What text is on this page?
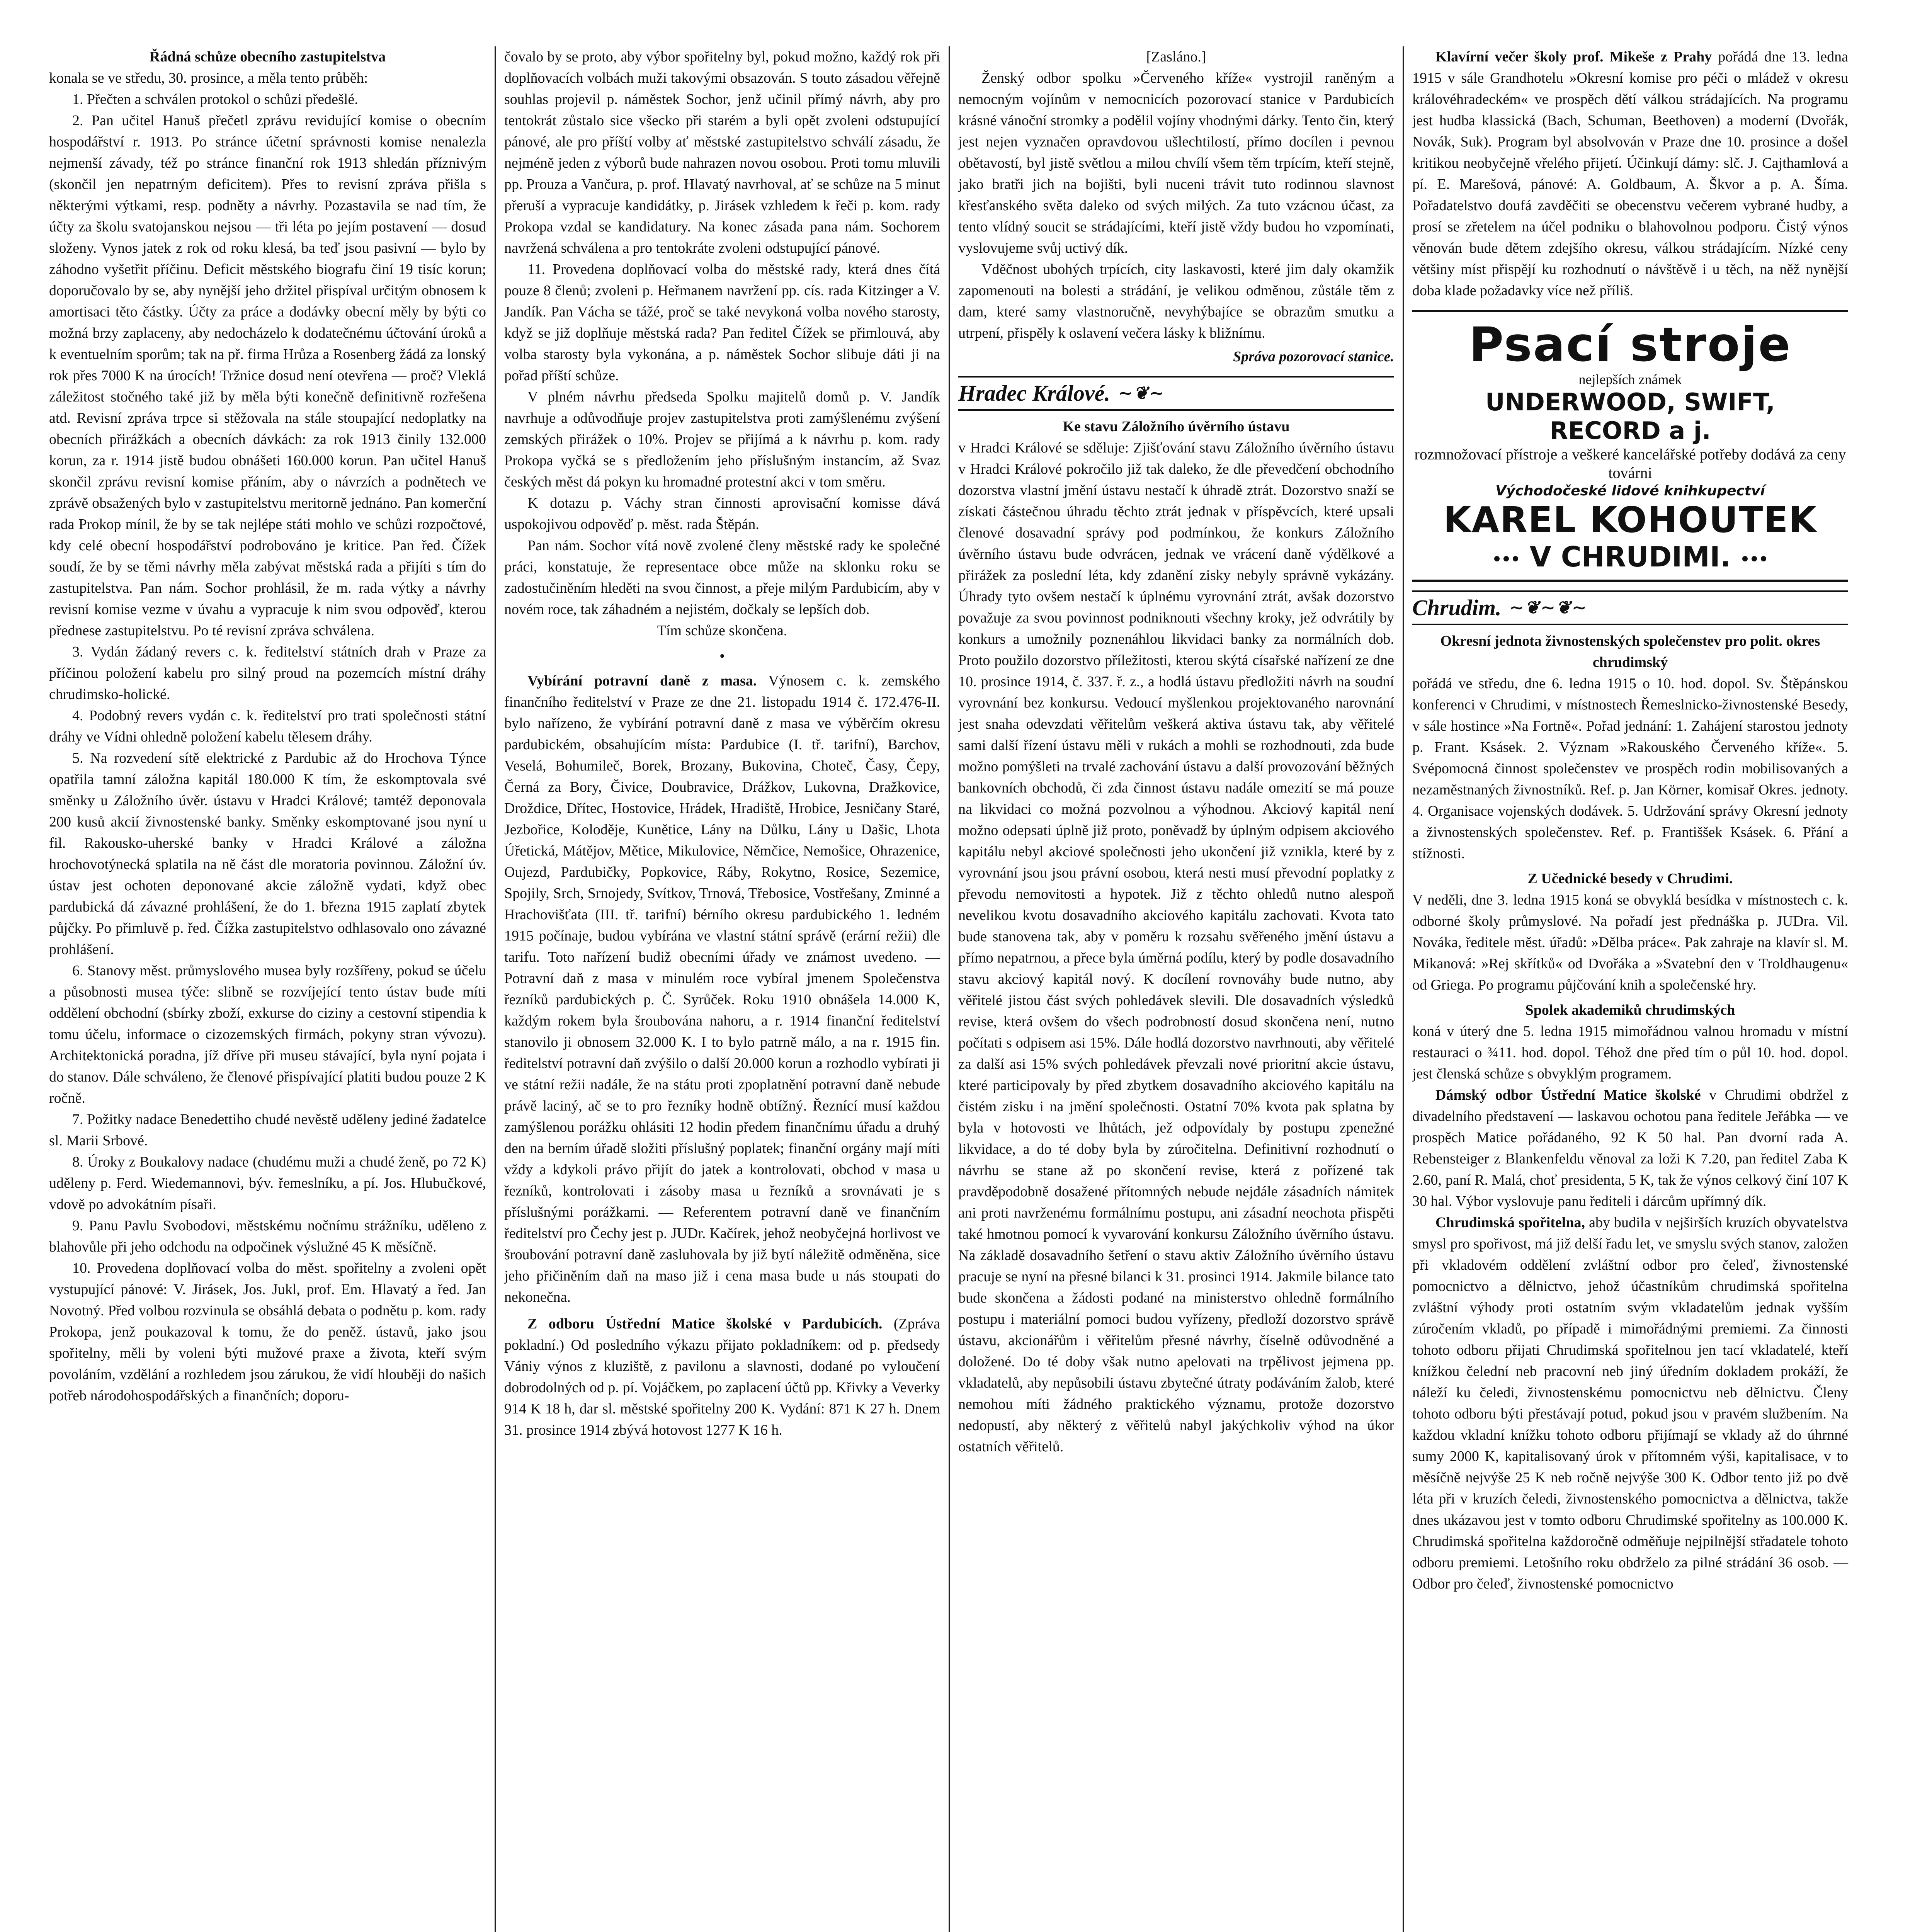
Řádná schůze obecního zastupitelstva

konala se ve středu, 30. prosince, a měla tento průběh:

1. Přečten a schválen protokol o schůzi předešlé.

2. Pan učitel Hanuš přečetl zprávu revidující komise o obecním hospodářství r. 1913. Po stránce účetní správnosti komise nenalezla nejmenší závady, též po stránce finanční rok 1913 shledán příznivým (skončil jen nepatrným deficitem). Přes to revisní zpráva přišla s některými výtkami, resp. podněty a návrhy. Pozastavila se nad tím, že účty za školu svatojanskou nejsou — tři léta po jejím postavení — dosud složeny. Vynos jatek z rok od roku klesá, ba teď jsou pasivní — bylo by záhodno vyšetřit příčinu. Deficit městského biografu činí 19 tisíc korun; doporučovalo by se, aby nynější jeho držitel přispíval určitým obnosem k amortisaci těto částky. Účty za práce a dodávky obecní měly by býti co možná brzy zaplaceny, aby nedocházelo k dodatečnému účtování úroků a k eventuelním sporům; tak na př. firma Hrůza a Rosenberg žádá za lonský rok přes 7000 K na úrocích! Tržnice dosud není otevřena — proč? Vleklá záležitost stočného také již by měla býti konečně definitivně rozřešena atd. Revisní zpráva trpce si stěžovala na stále stoupající nedoplatky na obecních přirážkách a obecních dávkách: za rok 1913 činily 132.000 korun, za r. 1914 jistě budou obnášeti 160.000 korun. Pan učitel Hanuš skončil zprávu revisní komise přáním, aby o návrzích a podnětech ve zprávě obsažených bylo v zastupitelstvu meritorně jednáno. Pan komerční rada Prokop mínil, že by se tak nejlépe státi mohlo ve schůzi rozpočtové, kdy celé obecní hospodářství podrobováno je kritice. Pan řed. Čížek soudí, že by se těmi návrhy měla zabývat městská rada a přijíti s tím do zastupitelstva. Pan nám. Sochor prohlásil, že m. rada výtky a návrhy revisní komise vezme v úvahu a vypracuje k nim svou odpověď, kterou přednese zastupitelstvu. Po té revisní zpráva schválena.

3. Vydán žádaný revers c. k. ředitelství státních drah v Praze za příčinou položení kabelu pro silný proud na pozemcích místní dráhy chrudimsko-holické.

4. Podobný revers vydán c. k. ředitelství pro trati společnosti státní dráhy ve Vídni ohledně položení kabelu tělesem dráhy.

5. Na rozvedení sítě elektrické z Pardubic až do Hrochova Týnce opatřila tamní záložna kapitál 180.000 K tím, že eskomptovala své směnky u Záložního úvěr. ústavu v Hradci Králové; tamtéž deponovala 200 kusů akcií živnostenské banky. Směnky eskomptované jsou nyní u fil. Rakousko-uherské banky v Hradci Králové a záložna hrochovotýnecká splatila na ně část dle moratoria povinnou. Záložní úv. ústav jest ochoten deponované akcie záložně vydati, když obec pardubická dá závazné prohlášení, že do 1. března 1915 zaplatí zbytek půjčky. Po přimluvě p. řed. Čížka zastupitelstvo odhlasovalo ono závazné prohlášení.

6. Stanovy měst. průmyslového musea byly rozšířeny, pokud se účelu a působnosti musea týče: slibně se rozvíjející tento ústav bude míti oddělení obchodní (sbírky zboží, exkurse do ciziny a cestovní stipendia k tomu účelu, informace o cizozemských firmách, pokyny stran vývozu). Architektonická poradna, jíž dříve při museu stávající, byla nyní pojata i do stanov. Dále schváleno, že členové přispívající platiti budou pouze 2 K ročně.

7. Požitky nadace Benedettiho chudé nevěstě uděleny jediné žadatelce sl. Marii Srbové.

8. Úroky z Boukalovy nadace (chudému muži a chudé ženě, po 72 K) uděleny p. Ferd. Wiedemannovi, býv. řemeslníku, a pí. Jos. Hlubučkové, vdově po advokátním písaři.

9. Panu Pavlu Svobodovi, městskému nočnímu strážníku, uděleno z blahovůle při jeho odchodu na odpočinek výslužné 45 K měsíčně.

10. Provedena doplňovací volba do měst. spořitelny a zvoleni opět vystupující pánové: V. Jirásek, Jos. Jukl, prof. Em. Hlavatý a řed. Jan Novotný. Před volbou rozvinula se obsáhlá debata o podnětu p. kom. rady Prokopa, jenž poukazoval k tomu, že do peněž. ústavů, jako jsou spořitelny, měli by voleni býti mužové praxe a života, kteří svým povoláním, vzdělání a rozhledem jsou zárukou, že vidí hlouběji do našich potřeb národohospodářských a finančních; doporu-

čovalo by se proto, aby výbor spořitelny byl, pokud možno, každý rok při doplňovacích volbách muži takovými obsazován. S touto zásadou věřejně souhlas projevil p. náměstek Sochor, jenž učinil přímý návrh, aby pro tentokrát zůstalo sice všecko při starém a byli opět zvoleni odstupující pánové, ale pro příští volby ať městské zastupitelstvo schválí zásadu, že nejméně jeden z výborů bude nahrazen novou osobou. Proti tomu mluvili pp. Prouza a Vančura, p. prof. Hlavatý navrhoval, ať se schůze na 5 minut přeruší a vypracuje kandidátky, p. Jirásek vzhledem k řeči p. kom. rady Prokopa vzdal se kandidatury. Na konec zásada pana nám. Sochorem navržená schválena a pro tentokráte zvoleni odstupující pánové.

11. Provedena doplňovací volba do městské rady, která dnes čítá pouze 8 členů; zvoleni p. Heřmanem navržení pp. cís. rada Kitzinger a V. Jandík. Pan Vácha se tážé, proč se také nevykoná volba nového starosty, když se již doplňuje městská rada? Pan ředitel Čížek se přimlouvá, aby volba starosty byla vykonána, a p. náměstek Sochor slibuje dáti ji na pořad příští schůze.

V plném návrhu předseda Spolku majitelů domů p. V. Jandík navrhuje a odůvodňuje projev zastupitelstva proti zamýšlenému zvýšení zemských přirážek o 10%. Projev se přijímá a k návrhu p. kom. rady Prokopa vyčká se s předložením jeho příslušným instancím, až Svaz českých měst dá pokyn ku hromadné protestní akci v tom směru.

K dotazu p. Váchy stran činnosti aprovisační komisse dává uspokojivou odpověď p. měst. rada Štěpán.

Pan nám. Sochor vítá nově zvolené členy městské rady ke společné práci, konstatuje, že representace obce může na sklonku roku se zadostučiněním hleděti na svou činnost, a přeje milým Pardubicím, aby v novém roce, tak záhadném a nejistém, dočkaly se lepších dob.

Tím schůze skončena.

•

Vybírání potravní daně z masa. Výnosem c. k. zemského finančního ředitelství v Praze ze dne 21. listopadu 1914 č. 172.476-II. bylo nařízeno, že vybírání potravní daně z masa ve výběrčím okresu pardubickém, obsahujícím místa: Pardubice (I. tř. tarifní), Barchov, Veselá, Bohumileč, Borek, Brozany, Bukovina, Choteč, Časy, Čepy, Černá za Bory, Čivice, Doubravice, Drážkov, Lukovna, Dražkovice, Droždice, Dřítec, Hostovice, Hrádek, Hradiště, Hrobice, Jesničany Staré, Jezbořice, Koloděje, Kunětice, Lány na Důlku, Lány u Dašic, Lhota Úřetická, Mátějov, Mětice, Mikulovice, Němčice, Nemošice, Ohrazenice, Oujezd, Pardubičky, Popkovice, Ráby, Rokytno, Rosice, Sezemice, Spojily, Srch, Srnojedy, Svítkov, Trnová, Třebosice, Vostřešany, Zminné a Hrachovišťata (III. tř. tarifní) bérního okresu pardubického 1. ledném 1915 počínaje, budou vybírána ve vlastní státní správě (erární režii) dle tarifu. Toto nařízení budiž obecními úřady ve známost uvedeno. — Potravní daň z masa v minulém roce vybíral jmenem Společenstva řezníků pardubických p. Č. Syrůček. Roku 1910 obnášela 14.000 K, každým rokem byla šroubována nahoru, a r. 1914 finanční ředitelství stanovilo ji obnosem 32.000 K. I to bylo patrně málo, a na r. 1915 fin. ředitelství potravní daň zvýšilo o další 20.000 korun a rozhodlo vybírati ji ve státní režii nadále, že na státu proti zpoplatnění potravní daně nebude právě laciný, ač se to pro řezníky hodně obtížný. Řeznící musí každou zamýšlenou porážku ohlásiti 12 hodin předem finančnímu úřadu a druhý den na berním úřadě složiti příslušný poplatek; finanční orgány mají míti vždy a kdykoli právo přijít do jatek a kontrolovati, obchod v masa u řezníků, kontrolovati i zásoby masa u řezníků a srovnávati je s příslušnými porážkami. — Referentem potravní daně ve finančním ředitelství pro Čechy jest p. JUDr. Kačírek, jehož neobyčejná horlivost ve šroubování potravní daně zasluhovala by již bytí náležitě odměněna, sice jeho přičiněním daň na maso již i cena masa bude u nás stoupati do nekonečna.

Z odboru Ústřední Matice školské v Pardubicích. (Zpráva pokladní.) Od posledního výkazu přijato pokladníkem: od p. předsedy Vániy výnos z kluziště, z pavilonu a slavnosti, dodané po vyloučení dobrodolných od p. pí. Vojáčkem, po zaplacení účtů pp. Křivky a Veverky 914 K 18 h, dar sl. městské spořitelny 200 K. Vydání: 871 K 27 h. Dnem 31. prosince 1914 zbývá hotovost 1277 K 16 h.

[Zasláno.]

Ženský odbor spolku »Červeného kříže« vystrojil raněným a nemocným vojínům v nemocnicích pozorovací stanice v Pardubicích krásné vánoční stromky a podělil vojíny vhodnými dárky. Tento čin, který jest nejen vyznačen opravdovou ušlechtilostí, přímo docílen i pevnou obětavostí, byl jistě světlou a milou chvílí všem těm trpícím, kteří stejně, jako bratři jich na bojišti, byli nuceni trávit tuto rodinnou slavnost křesťanského světa daleko od svých milých. Za tuto vzácnou účast, za tento vlídný soucit se strádajícími, kteří jistě vždy budou ho vzpomínati, vyslovujeme svůj uctivý dík.

Vděčnost ubohých trpících, city laskavosti, které jim daly okamžik zapomenouti na bolesti a strádání, je velikou odměnou, zůstále těm z dam, které samy vlastnoručně, nevyhýbajíce se obrazům smutku a utrpení, přispěly k oslavení večera lásky k bližnímu.

Správa pozorovací stanice.

Hradec Králové. ∼❦∼

Ke stavu Záložního úvěrního ústavu

v Hradci Králové se sděluje: Zjišťování stavu Záložního úvěrního ústavu v Hradci Králové pokročilo již tak daleko, že dle převedčení obchodního dozorstva vlastní jmění ústavu nestačí k úhradě ztrát. Dozorstvo snaží se získati částečnou úhradu těchto ztrát jednak v příspěvcích, které upsali členové dosavadní správy pod podmínkou, že konkurs Záložního úvěrního ústavu bude odvrácen, jednak ve vrácení daně výdělkové a přirážek za poslední léta, kdy zdanění zisky nebyly správně vykázány. Úhrady tyto ovšem nestačí k úplnému vyrovnání ztrát, avšak dozorstvo považuje za svou povinnost podniknouti všechny kroky, jež odvrátily by konkurs a umožnily poznenáhlou likvidaci banky za normálních dob. Proto použilo dozorstvo příležitosti, kterou skýtá císařské nařízení ze dne 10. prosince 1914, č. 337. ř. z., a hodlá ústavu předložiti návrh na soudní vyrovnání bez konkursu. Vedoucí myšlenkou projektovaného narovnání jest snaha odevzdati věřitelům veškerá aktiva ústavu tak, aby věřitelé sami další řízení ústavu měli v rukách a mohli se rozhodnouti, zda bude možno pomýšleti na trvalé zachování ústavu a další provozování běžných bankovních obchodů, či zda činnost ústavu nadále omezití se má pouze na likvidaci co možná pozvolnou a výhodnou. Akciový kapitál není možno odepsati úplně již proto, poněvadž by úplným odpisem akciového kapitálu nebyl akciové společnosti jeho ukončení již vznikla, které by z vyrovnání jsou jsou právní osobou, která nesti musí převodní poplatky z převodu nemovitosti a hypotek. Již z těchto ohledů nutno alespoň nevelikou kvotu dosavadního akciového kapitálu zachovati. Kvota tato bude stanovena tak, aby v poměru k rozsahu svěřeného jmění ústavu a přímo nepatrnou, a přece byla úměrná podílu, který by podle dosavadního stavu akciový kapitál nový. K docílení rovnováhy bude nutno, aby věřitelé jistou část svých pohledávek slevili. Dle dosavadních výsledků revise, která ovšem do všech podrobností dosud skončena není, nutno počítati s odpisem asi 15%. Dále hodlá dozorstvo navrhnouti, aby věřitelé za další asi 15% svých pohledávek převzali nové prioritní akcie ústavu, které participovaly by před zbytkem dosavadního akciového kapitálu na čistém zisku i na jmění společnosti. Ostatní 70% kvota pak splatna by byla v hotovosti ve lhůtách, jež odpovídaly by postupu zpenežné likvidace, a do té doby byla by zúročitelna. Definitivní rozhodnutí o návrhu se stane až po skončení revise, která z pořízené tak pravděpodobně dosažené přítomných nebude nejdále zásadních námitek ani proti navrženému formálnímu postupu, ani zásadní neochota přispěti také hmotnou pomocí k vyvarování konkursu Záložního úvěrního ústavu. Na základě dosavadního šetření o stavu aktiv Záložního úvěrního ústavu pracuje se nyní na přesné bilanci k 31. prosinci 1914. Jakmile bilance tato bude skončena a žádosti podané na ministerstvo ohledně formálního postupu i materiální pomoci budou vyřízeny, předloží dozorstvo správě ústavu, akcionářům i věřitelům přesné návrhy, číselně odůvodněné a doložené. Do té doby však nutno apelovati na trpělivost jejmena pp. vkladatelů, aby nepůsobili ústavu zbytečné útraty podáváním žalob, které nemohou míti žádného praktického významu, protože dozorstvo nedopustí, aby některý z věřitelů nabyl jakýchkoliv výhod na úkor ostatních věřitelů.

Klavírní večer školy prof. Mikeše z Prahy pořádá dne 13. ledna 1915 v sále Grandhotelu »Okresní komise pro péči o mládež v okresu královéhradeckém« ve prospěch dětí válkou strádajících. Na programu jest hudba klassická (Bach, Schuman, Beethoven) a moderní (Dvořák, Novák, Suk). Program byl absolvován v Praze dne 10. prosince a došel kritikou neobyčejně vřelého přijetí. Účinkují dámy: slč. J. Cajthamlová a pí. E. Marešová, pánové: A. Goldbaum, A. Škvor a p. A. Šíma. Pořadatelstvo doufá zavděčiti se obecenstvu večerem vybrané hudby, a prosí se zřetelem na účel podniku o blahovolnou podporu. Čistý výnos věnován bude dětem zdejšího okresu, válkou strádajícím. Nízké ceny většiny míst přispějí ku rozhodnutí o návštěvě i u těch, na něž nynější doba klade požadavky více než příliš.

Psací stroje
nejlepších známek
UNDERWOOD, SWIFT,
RECORD a j.
rozmnožovací přístroje a veškeré kancelářské potřeby dodává za ceny továrni
Východočeské lidové knihkupectví
KAREL KOHOUTEK
V CHRUDIMI.
Chrudim. ∼❦∼❦∼

Okresní jednota živnostenských společenstev pro polit. okres chrudimský

pořádá ve středu, dne 6. ledna 1915 o 10. hod. dopol. Sv. Štěpánskou konferenci v Chrudimi, v místnostech Řemeslnicko-živnostenské Besedy, v sále hostince »Na Fortně«. Pořad jednání: 1. Zahájení starostou jednoty p. Frant. Ksásek. 2. Význam »Rakouského Červeného kříže«. 5. Svépomocná činnost společenstev ve prospěch rodin mobilisovaných a nezaměstnaných živnostníků. Ref. p. Jan Körner, komisař Okres. jednoty. 4. Organisace vojenských dodávek. 5. Udržování správy Okresní jednoty a živnostenských společenstev. Ref. p. Františšek Ksásek. 6. Přání a stížnosti.

Z Učednické besedy v Chrudimi.

V neděli, dne 3. ledna 1915 koná se obvyklá besídka v místnostech c. k. odborné školy průmyslové. Na pořadí jest přednáška p. JUDra. Vil. Nováka, ředitele měst. úřadů: »Dělba práce«. Pak zahraje na klavír sl. M. Mikanová: »Rej skřítků« od Dvořáka a »Svatební den v Troldhaugenu« od Griega. Po programu půjčování knih a společenské hry.

Spolek akademiků chrudimských

koná v úterý dne 5. ledna 1915 mimořádnou valnou hromadu v místní restauraci o ¾11. hod. dopol. Téhož dne před tím o půl 10. hod. dopol. jest členská schůze s obvyklým programem.

Dámský odbor Ústřední Matice školské v Chrudimi obdržel z divadelního představení — laskavou ochotou pana ředitele Jeřábka — ve prospěch Matice pořádaného, 92 K 50 hal. Pan dvorní rada A. Rebensteiger z Blankenfeldu věnoval za loži K 7.20, pan ředitel Zaba K 2.60, paní R. Malá, choť presidenta, 5 K, tak že výnos celkový činí 107 K 30 hal. Výbor vyslovuje panu řediteli i dárcům upřímný dík.

Chrudimská spořitelna, aby budila v nejširších kruzích obyvatelstva smysl pro spořivost, má již delší řadu let, ve smyslu svých stanov, založen při vkladovém oddělení zvláštní odbor pro čeleď, živnostenské pomocnictvo a dělnictvo, jehož účastníkům chrudimská spořitelna zvláštní výhody proti ostatním svým vkladatelům jednak vyšším zúročením vkladů, po případě i mimořádnými premiemi. Za činnosti tohoto odboru přijati Chrudimská spořitelnou jen tací vkladatelé, kteří knížkou čelední neb pracovní neb jiný úředním dokladem prokáží, že náleží ku čeledi, živnostenskému pomocnictvu neb dělnictvu. Členy tohoto odboru býti přestávají potud, pokud jsou v pravém službením. Na každou vkladní knížku tohoto odboru přijímají se vklady až do úhrnné sumy 2000 K, kapitalisovaný úrok v přítomném výši, kapitalisace, v to měsíčně nejvýše 25 K neb ročně nejvýše 300 K. Odbor tento již po dvě léta při v kruzích čeledi, živnostenského pomocnictva a dělnictva, takže dnes ukázavou jest v tomto odboru Chrudimské spořitelny as 100.000 K. Chrudimská spořitelna každoročně odměňuje nejpilnější střadatele tohoto odboru premiemi. Letošního roku obdrželo za pilné strádání 36 osob. — Odbor pro čeleď, živnostenské pomocnictvo
